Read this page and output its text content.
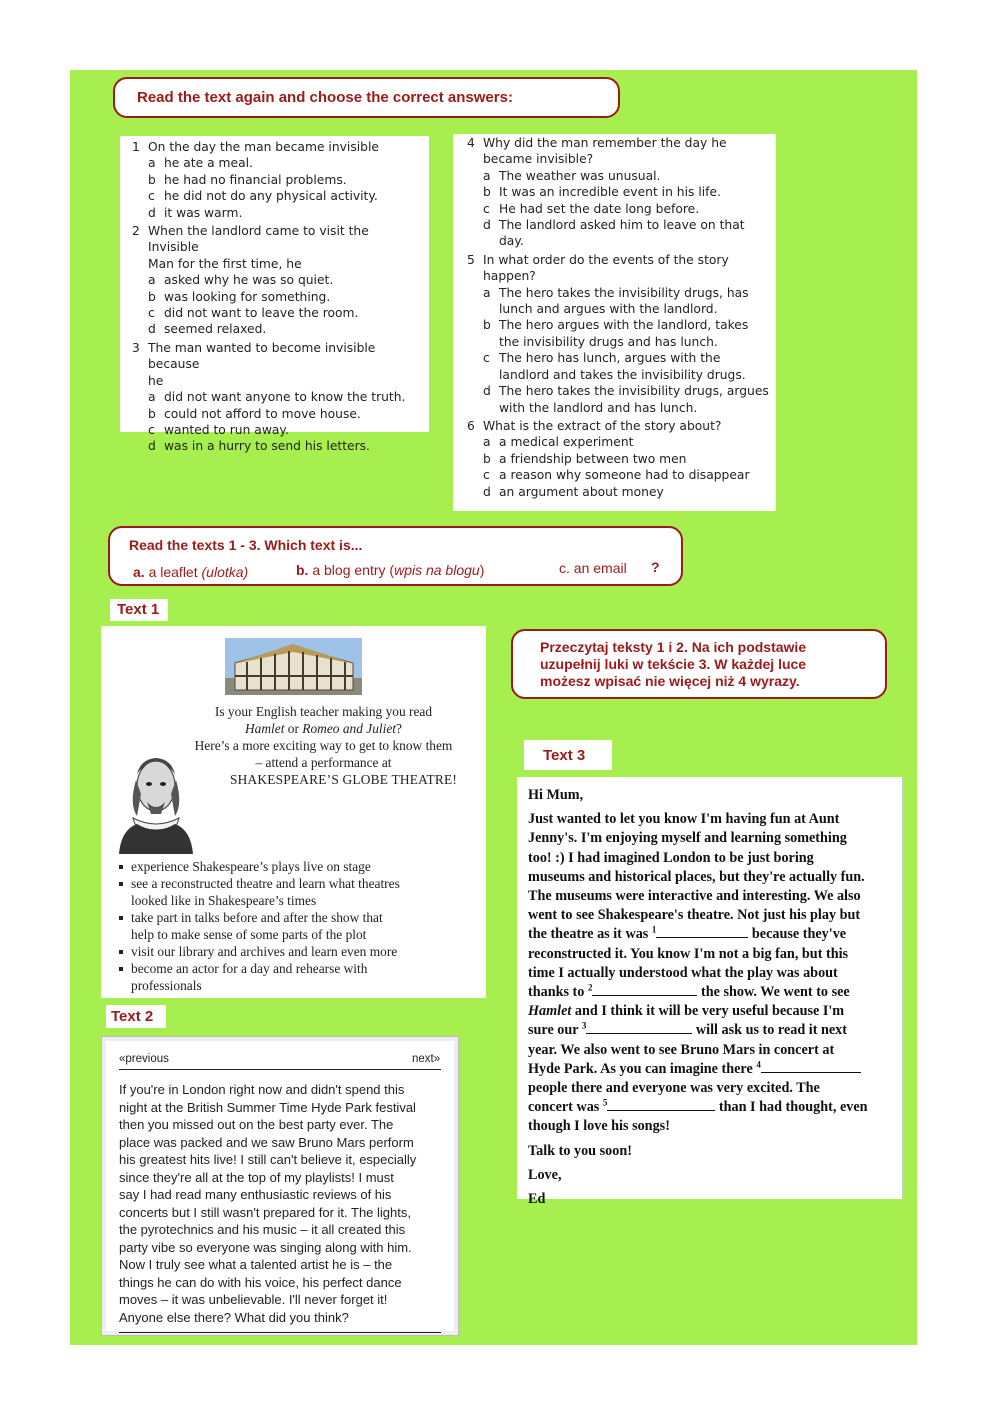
Read the text again and choose the correct answers:
1 On the day the man became invisible
a he ate a meal.
b he had no financial problems.
c he did not do any physical activity.
d it was warm.
2 When the landlord came to visit the Invisible
Man for the first time, he
a asked why he was so quiet.
b was looking for something.
c did not want to leave the room.
d seemed relaxed.
3 The man wanted to become invisible because
he
a did not want anyone to know the truth.
b could not afford to move house.
c wanted to run away.
d was in a hurry to send his letters.
4 Why did the man remember the day he
became invisible?
a The weather was unusual.
b It was an incredible event in his life.
c He had set the date long before.
d The landlord asked him to leave on that
day.
5 In what order do the events of the story
happen?
a The hero takes the invisibility drugs, has
lunch and argues with the landlord.
b The hero argues with the landlord, takes
the invisibility drugs and has lunch.
c The hero has lunch, argues with the
landlord and takes the invisibility drugs.
d The hero takes the invisibility drugs, argues
with the landlord and has lunch.
6 What is the extract of the story about?
a a medical experiment
b a friendship between two men
c a reason why someone had to disappear
d an argument about money
Read the texts 1 - 3. Which text is...
a. a leaflet (ulotka)	b. a blog entry (wpis na blogu)	c. an email ?
Text 1
Is your English teacher making you read
Hamlet or Romeo and Juliet?
Here’s a more exciting way to get to know them
– attend a performance at
SHAKESPEARE’S GLOBE THEATRE!
experience Shakespeare’s plays live on stage
see a reconstructed theatre and learn what theatres
looked like in Shakespeare’s times
take part in talks before and after the show that
help to make sense of some parts of the plot
visit our library and archives and learn even more
become an actor for a day and rehearse with
professionals
Text 2
«previous	next»
If you're in London right now and didn't spend this
night at the British Summer Time Hyde Park festival
then you missed out on the best party ever. The
place was packed and we saw Bruno Mars perform
his greatest hits live! I still can't believe it, especially
since they're all at the top of my playlists! I must
say I had read many enthusiastic reviews of his
concerts but I still wasn't prepared for it. The lights,
the pyrotechnics and his music – it all created this
party vibe so everyone was singing along with him.
Now I truly see what a talented artist he is – the
things he can do with his voice, his perfect dance
moves – it was unbelievable. I'll never forget it!
Anyone else there? What did you think?
Przeczytaj teksty 1 i 2. Na ich podstawie
uzupełnij luki w tekście 3. W każdej luce
możesz wpisać nie więcej niż 4 wyrazy.
Text 3
Hi Mum,
Just wanted to let you know I'm having fun at Aunt
Jenny's. I'm enjoying myself and learning something
too! :) I had imagined London to be just boring
museums and historical places, but they're actually fun.
The museums were interactive and interesting. We also
went to see Shakespeare's theatre. Not just his play but
the theatre as it was $^1$	because they've
reconstructed it. You know I'm not a big fan, but this
time I actually understood what the play was about
thanks to $^2$	the show. We went to see
Hamlet and I think it will be very useful because I'm
sure our $^3$	will ask us to read it next
year. We also went to see Bruno Mars in concert at
Hyde Park. As you can imagine there $^4$
people there and everyone was very excited. The
concert was $^5$	than I had thought, even
though I love his songs!
Talk to you soon!
Love,
Ed
